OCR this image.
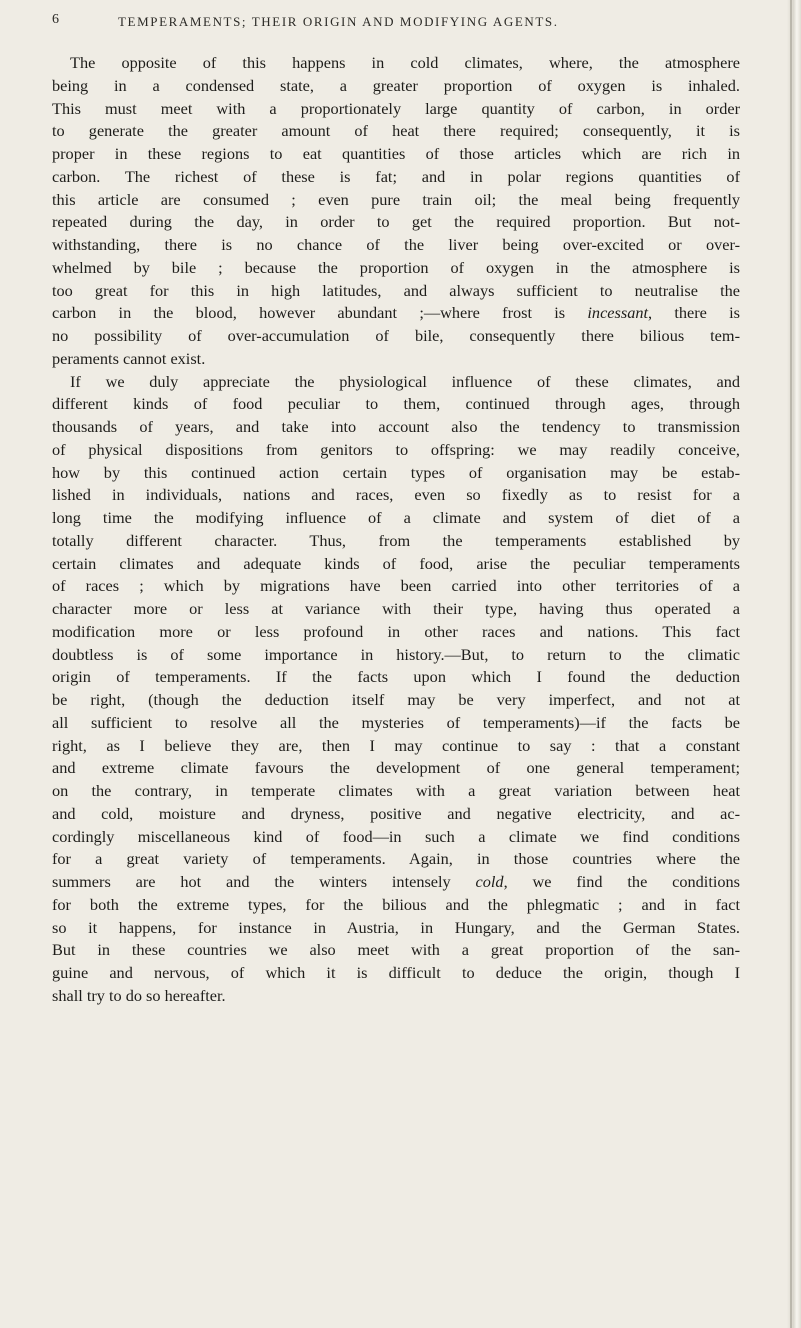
6	TEMPERAMENTS; THEIR ORIGIN AND MODIFYING AGENTS.
The opposite of this happens in cold climates, where, the atmosphere
being in a condensed state, a greater proportion of oxygen is inhaled.
This must meet with a proportionately large quantity of carbon, in order
to generate the greater amount of heat there required; consequently, it is
proper in these regions to eat quantities of those articles which are rich in
carbon. The richest of these is fat; and in polar regions quantities of
this article are consumed ; even pure train oil; the meal being frequently
repeated during the day, in order to get the required proportion. But not-
withstanding, there is no chance of the liver being over-excited or over-
whelmed by bile ; because the proportion of oxygen in the atmosphere is
too great for this in high latitudes, and always sufficient to neutralise the
carbon in the blood, however abundant ;—where frost is incessant, there is
no possibility of over-accumulation of bile, consequently there bilious tem-
peraments cannot exist.
If we duly appreciate the physiological influence of these climates, and
different kinds of food peculiar to them, continued through ages, through
thousands of years, and take into account also the tendency to transmission
of physical dispositions from genitors to offspring: we may readily conceive,
how by this continued action certain types of organisation may be estab-
lished in individuals, nations and races, even so fixedly as to resist for a
long time the modifying influence of a climate and system of diet of a
totally different character. Thus, from the temperaments established by
certain climates and adequate kinds of food, arise the peculiar temperaments
of races ; which by migrations have been carried into other territories of a
character more or less at variance with their type, having thus operated a
modification more or less profound in other races and nations. This fact
doubtless is of some importance in history.—But, to return to the climatic
origin of temperaments. If the facts upon which I found the deduction
be right, (though the deduction itself may be very imperfect, and not at
all sufficient to resolve all the mysteries of temperaments)—if the facts be
right, as I believe they are, then I may continue to say : that a constant
and extreme climate favours the development of one general temperament;
on the contrary, in temperate climates with a great variation between heat
and cold, moisture and dryness, positive and negative electricity, and ac-
cordingly miscellaneous kind of food—in such a climate we find conditions
for a great variety of temperaments. Again, in those countries where the
summers are hot and the winters intensely cold, we find the conditions
for both the extreme types, for the bilious and the phlegmatic ; and in fact
so it happens, for instance in Austria, in Hungary, and the German States.
But in these countries we also meet with a great proportion of the san-
guine and nervous, of which it is difficult to deduce the origin, though I
shall try to do so hereafter.
